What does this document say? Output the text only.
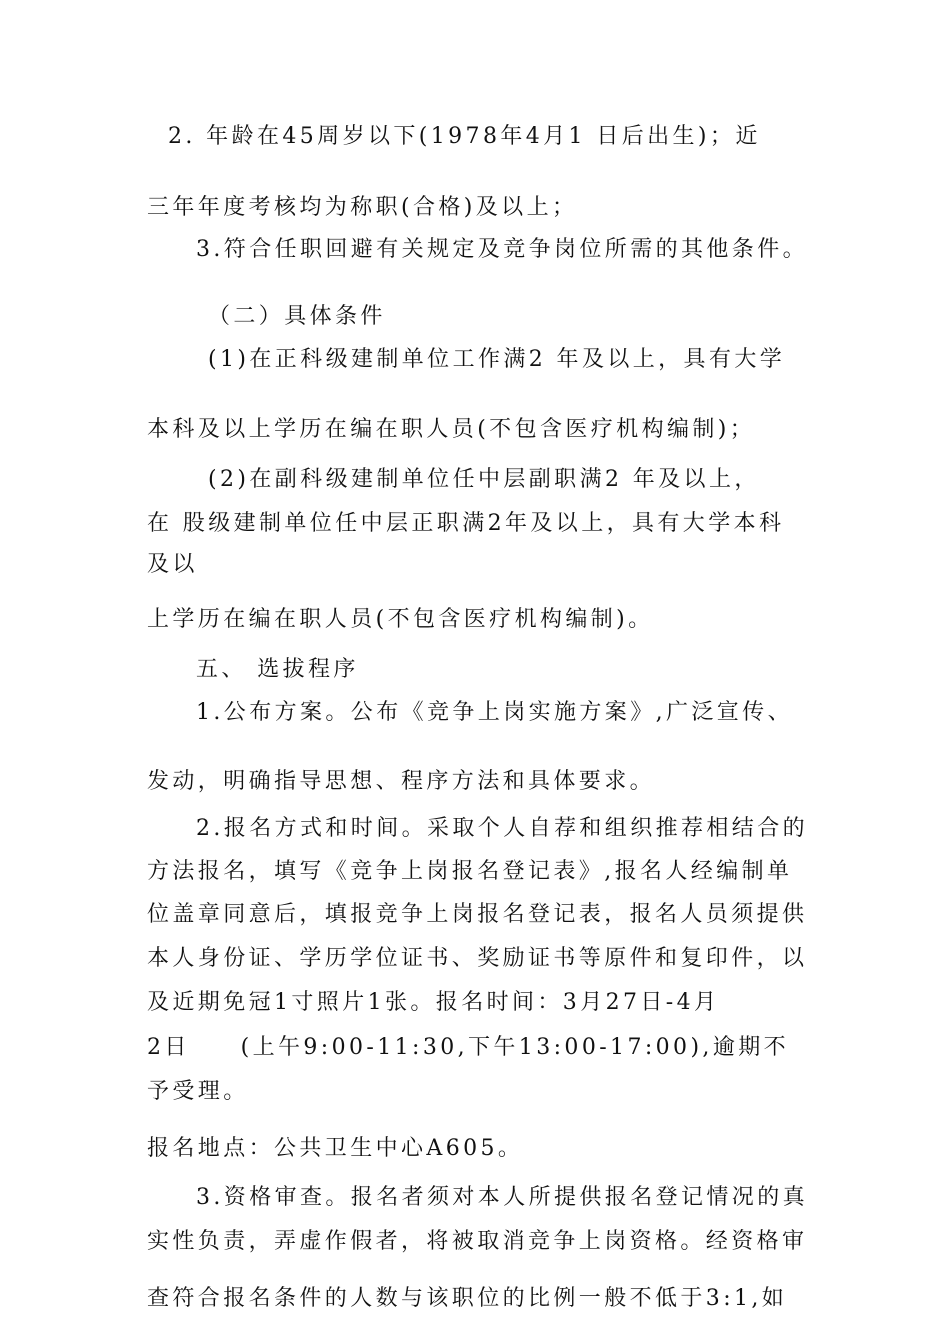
2. 年龄在45周岁以下(1978年4月1 日后出生)；近
三年年度考核均为称职(合格)及以上；
3.符合任职回避有关规定及竞争岗位所需的其他条件。
（二）具体条件
(1)在正科级建制单位工作满2 年及以上，具有大学
本科及以上学历在编在职人员(不包含医疗机构编制)；
(2)在副科级建制单位任中层副职满2 年及以上，
在 股级建制单位任中层正职满2年及以上，具有大学本科
及以
上学历在编在职人员(不包含医疗机构编制)。
五、 选拔程序
1.公布方案。公布《竞争上岗实施方案》,广泛宣传、
发动，明确指导思想、程序方法和具体要求。
2.报名方式和时间。采取个人自荐和组织推荐相结合的
方法报名，填写《竞争上岗报名登记表》,报名人经编制单
位盖章同意后，填报竞争上岗报名登记表，报名人员须提供
本人身份证、学历学位证书、奖励证书等原件和复印件，以
及近期免冠1寸照片1张。报名时间：3月27日-4月
2日　　(上午9:00-11:30,下午13:00-17:00),逾期不
予受理。
报名地点：公共卫生中心A605。
3.资格审查。报名者须对本人所提供报名登记情况的真
实性负责，弄虚作假者，将被取消竞争上岗资格。经资格审
查符合报名条件的人数与该职位的比例一般不低于3:1,如
